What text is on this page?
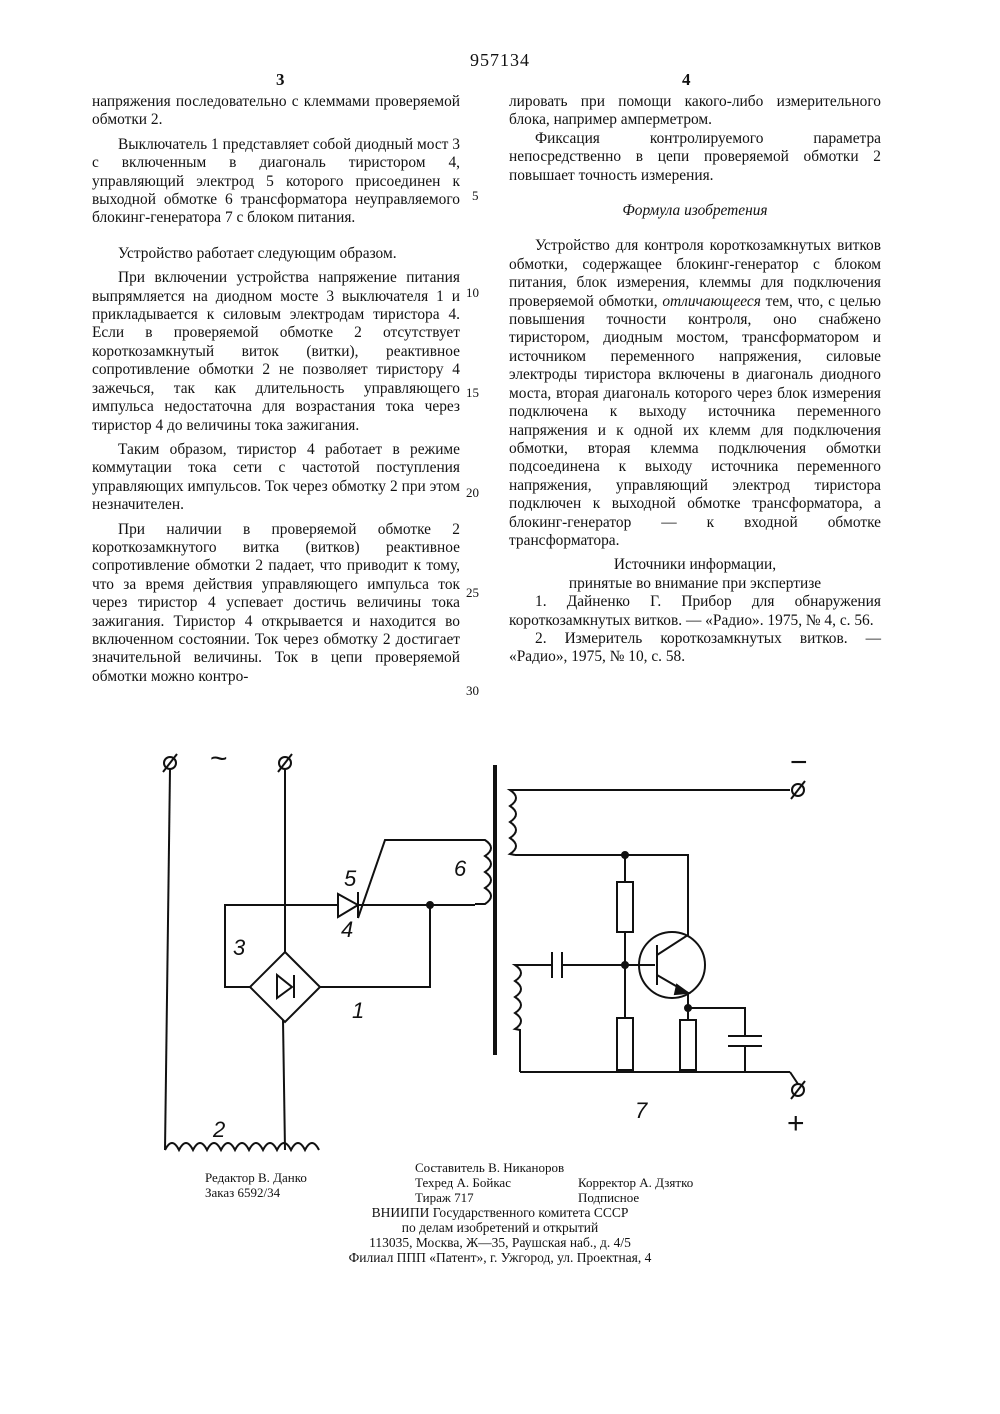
957134
3	4

напряжения последовательно с клеммами проверяемой обмотки 2.

Выключатель 1 представляет собой диодный мост 3 с включенным в диагональ тиристором 4, управляющий электрод 5 которого присоединен к выходной обмотке 6 трансформатора неуправляемого блокинг-генератора 7 с блоком питания.

Устройство работает следующим образом.

При включении устройства напряжение питания выпрямляется на диодном мосте 3 выключателя 1 и прикладывается к силовым электродам тиристора 4. Если в проверяемой обмотке 2 отсутствует короткозамкнутый виток (витки), реактивное сопротивление обмотки 2 не позволяет тиристору 4 зажечься, так как длительность управляющего импульса недостаточна для возрастания тока через тиристор 4 до величины тока зажигания.

Таким образом, тиристор 4 работает в режиме коммутации тока сети с частотой поступления управляющих импульсов. Ток через обмотку 2 при этом незначителен.

При наличии в проверяемой обмотке 2 короткозамкнутого витка (витков) реактивное сопротивление обмотки 2 падает, что приводит к тому, что за время действия управляющего импульса ток через тиристор 4 успевает достичь величины тока зажигания. Тиристор 4 открывается и находится во включенном состоянии. Ток через обмотку 2 достигает значительной величины. Ток в цепи проверяемой обмотки можно контро-

5
10
15
20
25
30

лировать при помощи какого-либо измерительного блока, например амперметром.

Фиксация контролируемого параметра непосредственно в цепи проверяемой обмотки 2 повышает точность измерения.

Формула изобретения

Устройство для контроля короткозамкнутых витков обмотки, содержащее блокинг-генератор с блоком питания, блок измерения, клеммы для подключения проверяемой обмотки, отличающееся тем, что, с целью повышения точности контроля, оно снабжено тиристором, диодным мостом, трансформатором и источником переменного напряжения, силовые электроды тиристора включены в диагональ диодного моста, вторая диагональ которого через блок измерения подключена к выходу источника переменного напряжения и к одной их клемм для подключения обмотки, вторая клемма подключения обмотки подсоединена к выходу источника переменного напряжения, управляющий электрод тиристора подключен к выходной обмотке трансформатора, а блокинг-генератор — к входной обмотке трансформатора.

Источники информации,

принятые во внимание при экспертизе

1. Дайненко Г. Прибор для обнаружения короткозамкнутых витков. — «Радио». 1975, № 4, с. 56.

2. Измеритель короткозамкнутых витков. — «Радио», 1975, № 10, с. 58.

~	−
+
1
2
3
4
5	6
7
Редактор В. Данко
Заказ 6592/34
Составитель В. Никаноров
Техред А. Бойкас
Тираж 717
Корректор А. Дзятко
Подписное
ВНИИПИ Государственного комитета СССР
по делам изобретений и открытий
113035, Москва, Ж—35, Раушская наб., д. 4/5
Филиал ППП «Патент», г. Ужгород, ул. Проектная, 4
